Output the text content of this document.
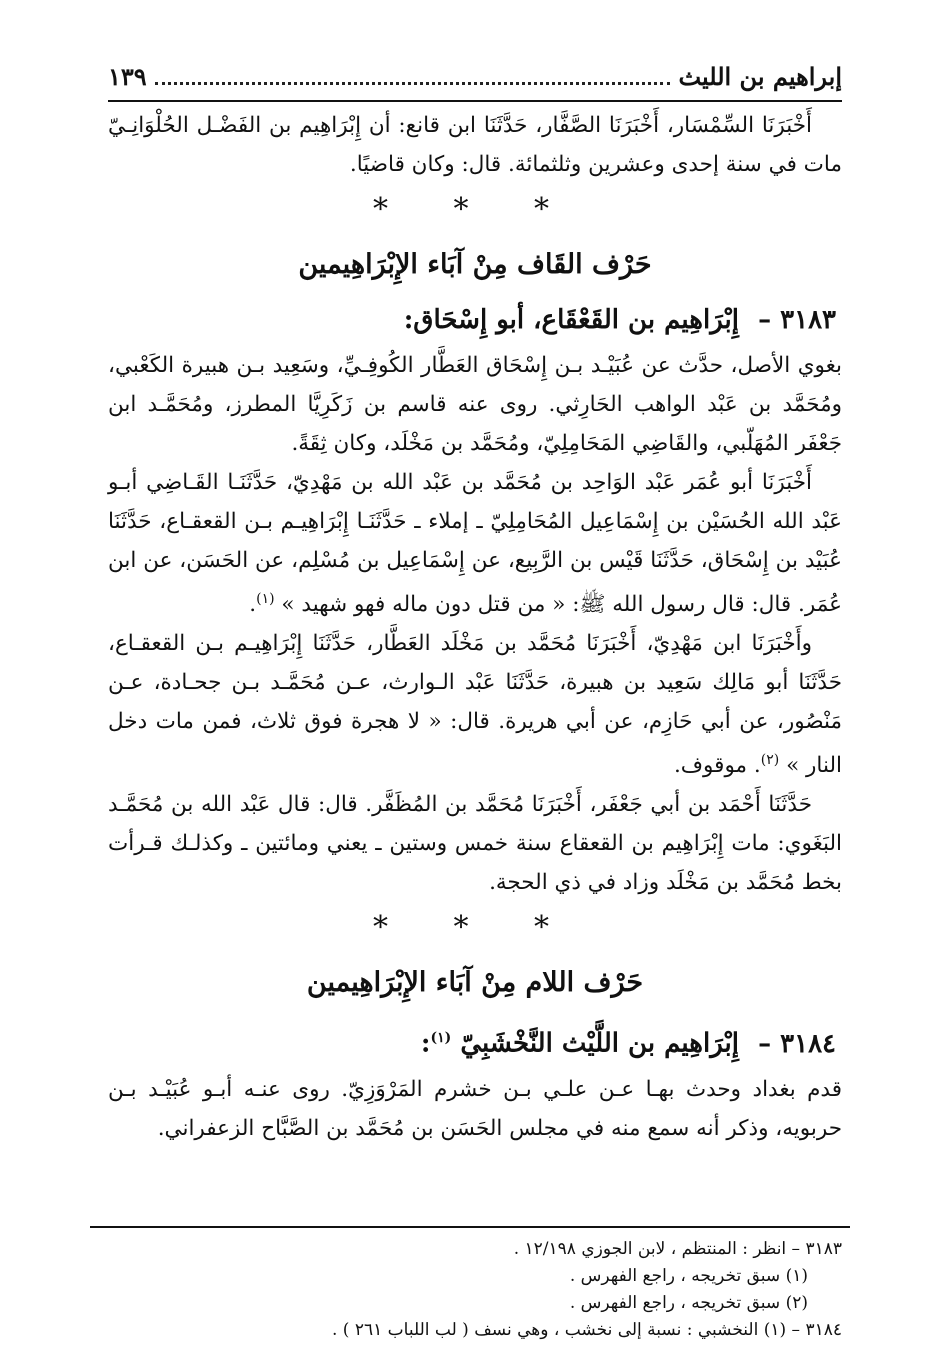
إبراهيم بن الليث
١٣٩

أَخْبَرَنَا السِّمْسَار، أَخْبَرَنَا الصَّفَّار، حَدَّثَنَا ابن قانع: أن إِبْرَاهِيم بن الفَضْـل الحُلْوَانِـيّ مات في سنة إحدى وعشرين وثلثمائة. قال: وكان قاضيًا.

* * *
حَرْف القَاف مِنْ آبَاء الإِبْرَاهِيمين
٣١٨٣ – إِبْرَاهِيم بن القَعْقَاع، أبو إِسْحَاق:

بغوي الأصل، حدَّث عن عُبَيْـد بـن إِسْحَاق العَطَّار الكُوفِـيِّ، وسَعِيد بـن هبيرة الكَعْبي، ومُحَمَّد بن عَبْد الواهب الحَارِثي. روى عنه قاسم بن زَكَرِيَّا المطرز، ومُحَمَّـد ابن جَعْفَر المُهَلّبي، والقَاضِي المَحَامِلِيّ، ومُحَمَّد بن مَخْلَد، وكان ثِقَةً.

أَخْبَرَنَا أبو عُمَر عَبْد الوَاحِد بن مُحَمَّد بن عَبْد الله بن مَهْدِيّ، حَدَّثَنَـا القَـاضِي أبـو عَبْد الله الحُسَيْن بن إِسْمَاعِيل المُحَامِلِيّ ـ إملاء ـ حَدَّثَنَـا إِبْرَاهِيـم بـن القعقـاع، حَدَّثَنَا عُبَيْد بن إِسْحَاق، حَدَّثَنَا قَيْس بن الرَّبِيع، عن إِسْمَاعِيل بن مُسْلِم، عن الحَسَن، عن ابن عُمَر. قال: قال رسول الله ﷺ: « من قتل دون ماله فهو شهيد » $^{(١)}$.

وأَخْبَرَنَا ابن مَهْدِيّ، أَخْبَرَنَا مُحَمَّد بن مَخْلَد العَطَّار، حَدَّثَنَا إِبْرَاهِيـم بـن القعقـاع، حَدَّثَنَا أبو مَالِك سَعِيد بن هبيرة، حَدَّثَنَا عَبْد الـوارث، عـن مُحَمَّـد بـن جحـادة، عـن مَنْصُور، عن أبي حَازِم، عن أبي هريرة. قال: « لا هجرة فوق ثلاث، فمن مات دخل النار » $^{(٢)}$. موقوف.

حَدَّثَنَا أَحْمَد بن أبي جَعْفَر، أَخْبَرَنَا مُحَمَّد بن المُظَفَّر. قال: قال عَبْد الله بن مُحَمَّـد البَغَوي: مات إِبْرَاهِيم بن القعقاع سنة خمس وستين ـ يعني ومائتين ـ وكذلـك قـرأت بخط مُحَمَّد بن مَخْلَد وزاد في ذي الحجة.

* * *
حَرْف اللام مِنْ آبَاء الإِبْرَاهِيمين
٣١٨٤ – إِبْرَاهِيم بن اللَّيْث النَّخْشَبِيّ $^{(١)}$:

قدم بغداد وحدث بهـا عـن علـي بـن خشرم المَرْوَزِيّ. روى عنـه أبـو عُبَيْـد بـن حربويه، وذكر أنه سمع منه في مجلس الحَسَن بن مُحَمَّد بن الصَّبَّاح الزعفراني.

٣١٨٣ – انظر : المنتظم ، لابن الجوزي ١٢/١٩٨ .
(١) سبق تخريجه ، راجع الفهرس .
(٢) سبق تخريجه ، راجع الفهرس .
٣١٨٤ – (١) النخشبي : نسبة إلى نخشب ، وهي نسف ( لب اللباب ٢٦١ ) .
